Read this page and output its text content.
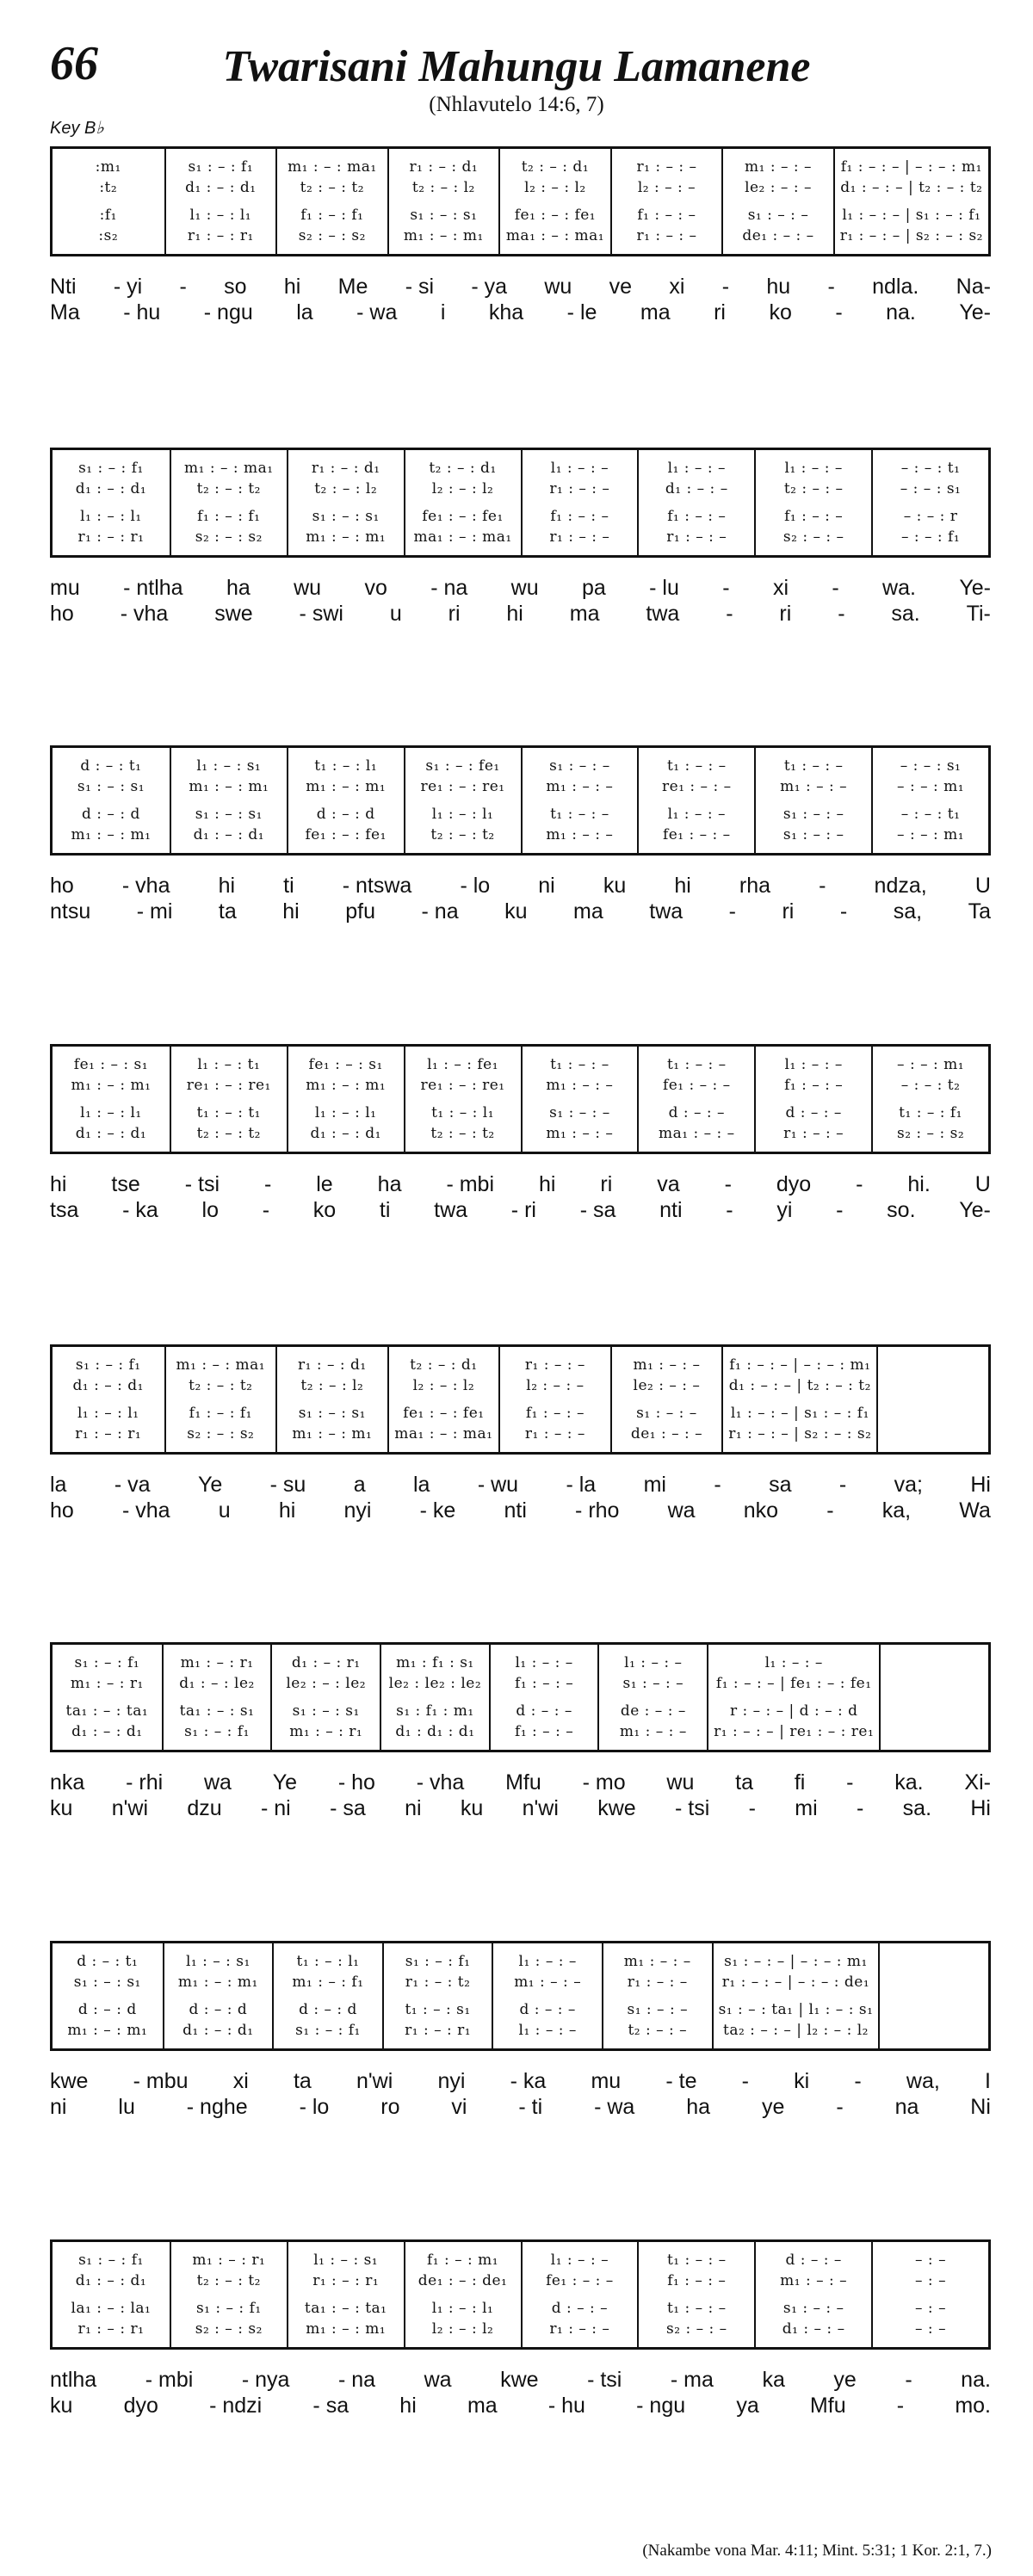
66	Twarisani Mahungu Lamanene
(Nhlavutelo 14:6, 7)
Key B♭
:m₁
:t₂
:f₁
:s₂
s₁ : – : f₁
d₁ : – : d₁
l₁ : – : l₁
r₁ : – : r₁
m₁ : – : ma₁
t₂ : – : t₂
f₁ : – : f₁
s₂ : – : s₂
r₁ : – : d₁
t₂ : – : l₂
s₁ : – : s₁
m₁ : – : m₁
t₂ : – : d₁
l₂ : – : l₂
fe₁ : – : fe₁
ma₁ : – : ma₁
r₁ : – : –
l₂ : – : –
f₁ : – : –
r₁ : – : –
m₁ : – : –
le₂ : – : –
s₁ : – : –
de₁ : – : –
f₁ : – : – | – : – : m₁
d₁ : – : – | t₂ : – : t₂
l₁ : – : – | s₁ : – : f₁
r₁ : – : – | s₂ : – : s₂
Nti - yi - so hi Me - si - ya wu ve xi - hu - ndla. Na-
Ma - hu - ngu la - wa i kha - le ma ri ko - na. Ye-
s₁ : – : f₁
d₁ : – : d₁
l₁ : – : l₁
r₁ : – : r₁
m₁ : – : ma₁
t₂ : – : t₂
f₁ : – : f₁
s₂ : – : s₂
r₁ : – : d₁
t₂ : – : l₂
s₁ : – : s₁
m₁ : – : m₁
t₂ : – : d₁
l₂ : – : l₂
fe₁ : – : fe₁
ma₁ : – : ma₁
l₁ : – : –
r₁ : – : –
f₁ : – : –
r₁ : – : –
l₁ : – : –
d₁ : – : –
f₁ : – : –
r₁ : – : –
l₁ : – : –
t₂ : – : –
f₁ : – : –
s₂ : – : –
– : – : t₁
– : – : s₁
– : – : r
– : – : f₁
mu - ntlha ha wu vo - na wu pa - lu - xi - wa. Ye-
ho - vha swe - swi u ri hi ma twa - ri - sa. Ti-
d : – : t₁
s₁ : – : s₁
d : – : d
m₁ : – : m₁
l₁ : – : s₁
m₁ : – : m₁
s₁ : – : s₁
d₁ : – : d₁
t₁ : – : l₁
m₁ : – : m₁
d : – : d
fe₁ : – : fe₁
s₁ : – : fe₁
re₁ : – : re₁
l₁ : – : l₁
t₂ : – : t₂
s₁ : – : –
m₁ : – : –
t₁ : – : –
m₁ : – : –
t₁ : – : –
re₁ : – : –
l₁ : – : –
fe₁ : – : –
t₁ : – : –
m₁ : – : –
s₁ : – : –
s₁ : – : –
– : – : s₁
– : – : m₁
– : – : t₁
– : – : m₁
ho - vha hi ti - ntswa - lo ni ku hi rha - ndza, U
ntsu - mi ta hi pfu - na ku ma twa - ri - sa, Ta
fe₁ : – : s₁
m₁ : – : m₁
l₁ : – : l₁
d₁ : – : d₁
l₁ : – : t₁
re₁ : – : re₁
t₁ : – : t₁
t₂ : – : t₂
fe₁ : – : s₁
m₁ : – : m₁
l₁ : – : l₁
d₁ : – : d₁
l₁ : – : fe₁
re₁ : – : re₁
t₁ : – : l₁
t₂ : – : t₂
t₁ : – : –
m₁ : – : –
s₁ : – : –
m₁ : – : –
t₁ : – : –
fe₁ : – : –
d : – : –
ma₁ : – : –
l₁ : – : –
f₁ : – : –
d : – : –
r₁ : – : –
– : – : m₁
– : – : t₂
t₁ : – : f₁
s₂ : – : s₂
hi tse - tsi - le ha - mbi hi ri va - dyo - hi. U
tsa - ka lo - ko ti twa - ri - sa nti - yi - so. Ye-
s₁ : – : f₁
d₁ : – : d₁
l₁ : – : l₁
r₁ : – : r₁
m₁ : – : ma₁
t₂ : – : t₂
f₁ : – : f₁
s₂ : – : s₂
r₁ : – : d₁
t₂ : – : l₂
s₁ : – : s₁
m₁ : – : m₁
t₂ : – : d₁
l₂ : – : l₂
fe₁ : – : fe₁
ma₁ : – : ma₁
r₁ : – : –
l₂ : – : –
f₁ : – : –
r₁ : – : –
m₁ : – : –
le₂ : – : –
s₁ : – : –
de₁ : – : –
f₁ : – : – | – : – : m₁
d₁ : – : – | t₂ : – : t₂
l₁ : – : – | s₁ : – : f₁
r₁ : – : – | s₂ : – : s₂
la - va Ye - su a la - wu - la mi - sa - va; Hi
ho - vha u hi nyi - ke nti - rho wa nko - ka, Wa
s₁ : – : f₁
m₁ : – : r₁
ta₁ : – : ta₁
d₁ : – : d₁
m₁ : – : r₁
d₁ : – : le₂
ta₁ : – : s₁
s₁ : – : f₁
d₁ : – : r₁
le₂ : – : le₂
s₁ : – : s₁
m₁ : – : r₁
m₁ : f₁ : s₁
le₂ : le₂ : le₂
s₁ : f₁ : m₁
d₁ : d₁ : d₁
l₁ : – : –
f₁ : – : –
d : – : –
f₁ : – : –
l₁ : – : –
s₁ : – : –
de : – : –
m₁ : – : –
l₁ : – : –
f₁ : – : – | fe₁ : – : fe₁
r : – : – | d : – : d
r₁ : – : – | re₁ : – : re₁
nka - rhi wa Ye - ho - vha Mfu - mo wu ta fi - ka. Xi-
ku n'wi dzu - ni - sa ni ku n'wi kwe - tsi - mi - sa. Hi
d : – : t₁
s₁ : – : s₁
d : – : d
m₁ : – : m₁
l₁ : – : s₁
m₁ : – : m₁
d : – : d
d₁ : – : d₁
t₁ : – : l₁
m₁ : – : f₁
d : – : d
s₁ : – : f₁
s₁ : – : f₁
r₁ : – : t₂
t₁ : – : s₁
r₁ : – : r₁
l₁ : – : –
m₁ : – : –
d : – : –
l₁ : – : –
m₁ : – : –
r₁ : – : –
s₁ : – : –
t₂ : – : –
s₁ : – : – | – : – : m₁
r₁ : – : – | – : – : de₁
s₁ : – : ta₁ | l₁ : – : s₁
ta₂ : – : – | l₂ : – : l₂
kwe - mbu xi ta n'wi nyi - ka mu - te - ki - wa, I
ni lu - nghe - lo ro vi - ti - wa ha ye - na Ni
s₁ : – : f₁
d₁ : – : d₁
la₁ : – : la₁
r₁ : – : r₁
m₁ : – : r₁
t₂ : – : t₂
s₁ : – : f₁
s₂ : – : s₂
l₁ : – : s₁
r₁ : – : r₁
ta₁ : – : ta₁
m₁ : – : m₁
f₁ : – : m₁
de₁ : – : de₁
l₁ : – : l₁
l₂ : – : l₂
l₁ : – : –
fe₁ : – : –
d : – : –
r₁ : – : –
t₁ : – : –
f₁ : – : –
t₁ : – : –
s₂ : – : –
d : – : –
m₁ : – : –
s₁ : – : –
d₁ : – : –
– : –
– : –
– : –
– : –
ntlha - mbi - nya - na wa kwe - tsi - ma ka ye - na.
ku dyo - ndzi - sa hi ma - hu - ngu ya Mfu - mo.
(Nakambe vona Mar. 4:11; Mint. 5:31; 1 Kor. 2:1, 7.)
